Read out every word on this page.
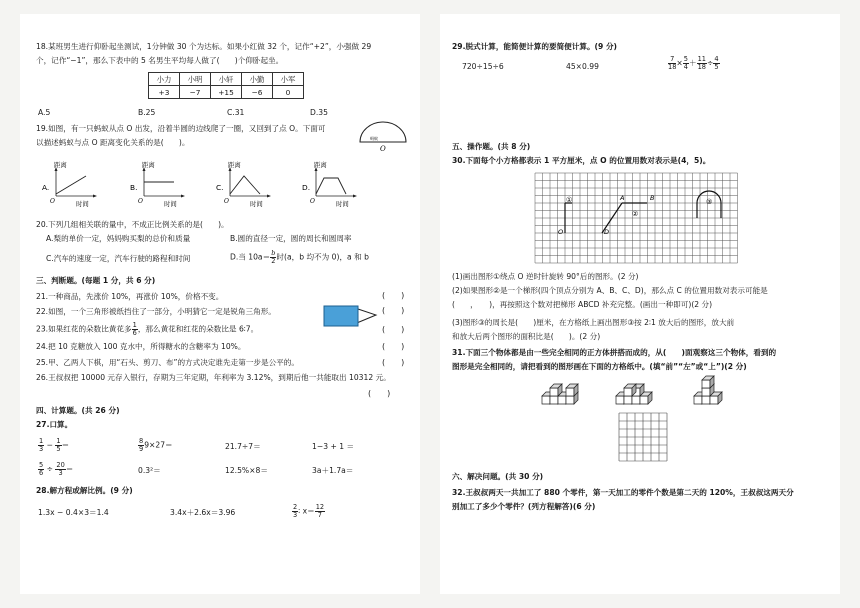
18.某班男生进行仰卧起坐测试，1分钟做 30 个为达标。如果小红做 32 个，记作“+2”，小强做 29
个，记作“−1”，那么下表中的 5 名男生平均每人做了(　　)个仰卧起坐。
小力	小明	小轩	小勤	小军
+3	−7	+15	−6	0
A.5	B.25	C.31	D.35
19.如图，有一只蚂蚁从点 O 出发，沿着半圆的边线爬了一圈，又回到了点 O。下面可
以描述蚂蚁与点 O 距离变化关系的是(　　)。
O
蚂蚁
20.下列几组相关联的量中，不成正比例关系的是(　　)。
A.梨的单价一定，妈妈购买梨的总价和质量	B.圆的直径一定，圆的周长和圆周率
C.汽车的速度一定，汽车行驶的路程和时间	D.当 $10a= \frac{b}{2}$ 时(a，b 均不为 0)，a 和 b
三、判断题。(每题 1 分，共 6 分)
21.一种商品，先涨价 10%，再涨价 10%，价格不变。	(　　)
22.如图，一个三角形被纸挡住了一部分，小明猜它一定是锐角三角形。	(　　)
23.如果红花的朵数比黄花多 $\frac{1}{6}$ ，那么黄花和红花的朵数比是 6∶7。	(　　)
24.把 10 克糖放入 100 克水中，所得糖水的含糖率为 10%。	(　　)
25.甲、乙两人下棋，用“石头、剪刀、布”的方式决定谁先走第一步是公平的。	(　　)
26.王叔叔把 10000 元存入银行，存期为三年定期，年利率为 3.12%，到期后他一共能取出 10312 元。
(　　)
四、计算题。(共 26 分)
27.口算。
$\frac{1}{3} - \frac{1}{5}$ ＝	$\frac{8}{9} 9\times 27=$	21.7÷7＝	1−3 + 1 ＝
$\frac{5}{6} \div \frac{20}{3}$ ＝	0.3²＝	12.5%×8＝	3a＋1.7a＝
28.解方程或解比例。(9 分)
1.3x − 0.4×3＝1.4	3.4x＋2.6x＝3.96	$\frac{2}{3}$ ∶ $x= \frac{12}{7}$
A.
距离
时间
O
B.
距离
时间
O
C.
距离
时间
O
D.
距离
时间
O
29.脱式计算，能简便计算的要简便计算。(9 分)
720÷15÷6	45×0.99	$\frac{7}{18} \times \frac{5}{4} + \frac{11}{18} \div \frac{4}{5}$
五、操作题。(共 8 分)
30.下面每个小方格都表示 1 平方厘米，点 O 的位置用数对表示是(4，5)。
①	A	B
②
③
O	D
(1)画出图形①绕点 O 逆时针旋转 90°后的图形。(2 分)
(2)如果图形②是一个梯形(四个顶点分别为 A、B、C、D)，那么点 C 的位置用数对表示可能是
(　　，　　)，再按照这个数对把梯形 ABCD 补充完整。(画出一种即可)(2 分)
(3)图形③的周长是(　　)厘米，在方格纸上画出图形③按 2∶1 放大后的图形，放大前
和放大后两个图形的面积比是(　　)。(2 分)
31.下面三个物体都是由一些完全相同的正方体拼搭而成的，从(　　)面观察这三个物体，看到的
图形是完全相同的，请把看到的图形画在下面的方格纸中。(填“前”“左”或“上”)(2 分)
六、解决问题。(共 30 分)
32.王叔叔两天一共加工了 880 个零件，第一天加工的零件个数是第二天的 120%，王叔叔这两天分
别加工了多少个零件？(列方程解答)(6 分)
